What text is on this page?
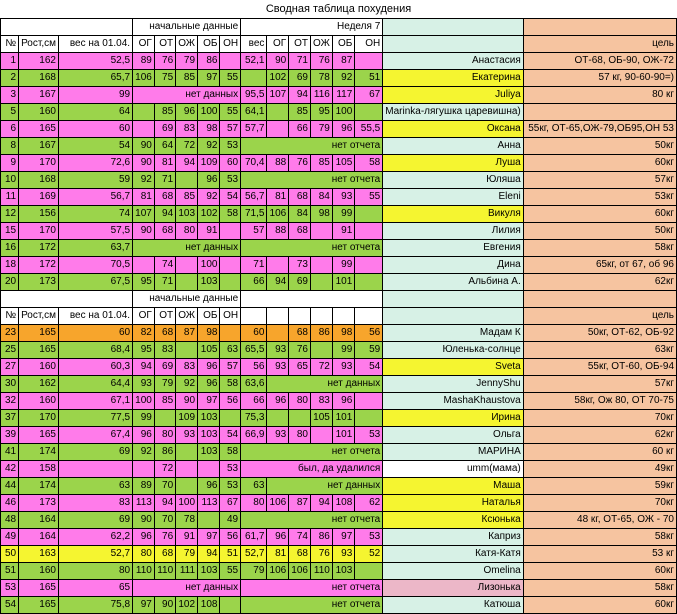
Сводная таблица похудения
			начальные данные					Неделя 7							
№	Рост,см	вес на 01.04.	ОГ	ОТ	ОЖ	ОБ	ОН	вес	ОГ	ОТ	ОЖ	ОБ	ОН		цель
1	162	52,5	89	76	79	86		52,1	90	71	76	87		Анастасия	ОТ-68, ОБ-90, ОЖ-72
2	168	65,7	106	75	85	97	55		102	69	78	92	51	Екатерина	57 кг, 90-60-90=)
3	167	99	нет данных					95,5	107	94	116	117	67	Juliya	80 кг
5	160	64		85	96	100	55	64,1		85	95	100		Marinka-лягушка царевишна)	
6	165	60		69	83	98	57	57,7		66	79	96	55,5	Оксана	55кг, ОТ-65,ОЖ-79,ОБ95,ОН 53
8	167	54	90	64	72	92	53	нет отчета						Анна	50кг
9	170	72,6	90	81	94	109	60	70,4	88	76	85	105	58	Луша	60кг
10	168	59	92	71		96	53	нет отчета						Юляша	57кг
11	169	56,7	81	68	85	92	54	56,7	81	68	84	93	55	Eleni	53кг
12	156	74	107	94	103	102	58	71,5	106	84	98	99		Викуля	60кг
15	170	57,5	90	68	80	91		57	88	68		91		Лилия	50кг
16	172	63,7	нет данных					нет отчета						Евгения	58кг
18	172	70,5		74		100		71		73		99		Дина	65кг, от 67, об 96
20	173	67,5	95	71		103		66	94	69		101		Альбина А.	62кг
			начальные данные												
№	Рост,см	вес на 01.04.	ОГ	ОТ	ОЖ	ОБ	ОН								цель
23	165	60	82	68	87	98		60		68	86	98	56	Мадам К	50кг, ОТ-62, ОБ-92
25	165	68,4	95	83		105	63	65,5	93	76		99	59	Юленька-солнце	63кг
27	160	60,3	94	69	83	96	57	56	93	65	72	93	54	Sveta	55кг, ОТ-60, ОБ-94
30	162	64,4	93	79	92	96	58	63,6	нет данных					JennyShu	57кг
32	160	67,1	100	85	90	97	56	66	96	80	83	96		MashaKhaustova	58кг, Ож 80, ОТ 70-75
37	170	77,5	99		109	103		75,3			105	101		Ирина	70кг
39	165	67,4	96	80	93	103	54	66,9	93	80		101	53	Ольга	62кг
41	174	69	92	86		103	58	нет отчета						МАРИНА	60 кг
42	158			72			53	был, да удалился						umm(мама)	49кг
44	174	63	89	70		96	53	63	нет данных					Маша	59кг
46	173	83	113	94	100	113	67	80	106	87	94	108	62	Наталья	70кг
48	164	69	90	70	78		49	нет отчета						Ксюнька	48 кг, ОТ-65, ОЖ - 70
49	164	62,2	96	76	91	97	56	61,7	96	74	86	97	53	Каприз	58кг
50	163	52,7	80	68	79	94	51	52,7	81	68	76	93	52	Катя-Катя	53 кг
51	160	80	110	110	111	103	55	79	106	106	110	103		Omelina	60кг
53	165	65	нет данных					нет отчета						Лизонька	58кг
54	165	75,8	97	90	102	108		нет отчета						Катюша	60кг
